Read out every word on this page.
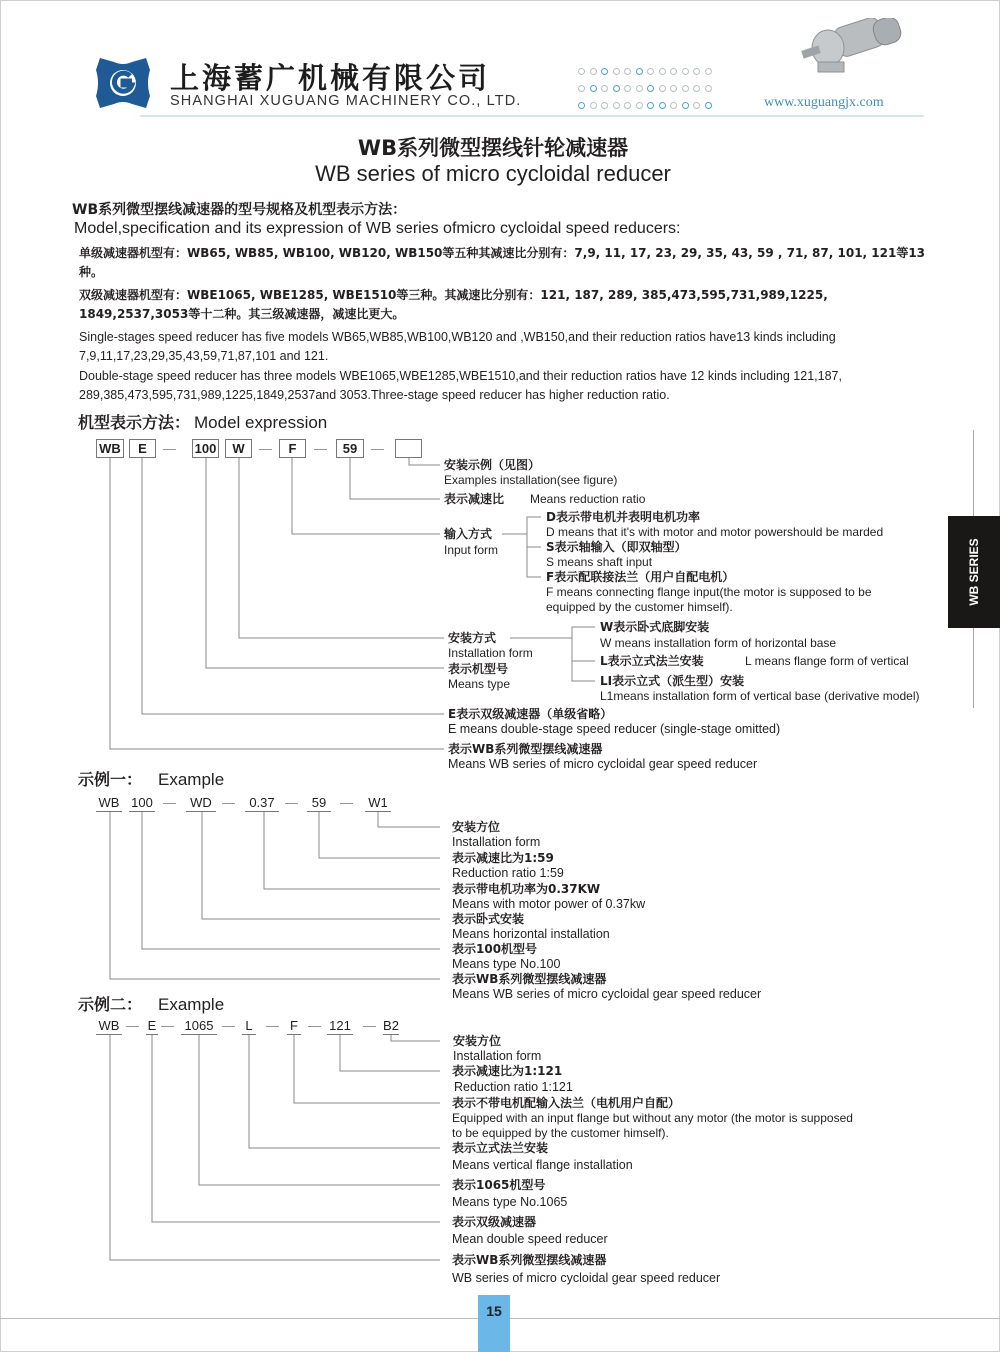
上海蓄广机械有限公司
SHANGHAI XUGUANG MACHINERY CO., LTD.	www.xuguangjx.com
WB系列微型摆线针轮减速器
WB series of micro cycloidal reducer
WB系列微型摆线减速器的型号规格及机型表示方法：
Model,specification and its expression of WB series ofmicro cycloidal speed reducers:
单级减速器机型有：WB65, WB85, WB100, WB120, WB150等五种其减速比分别有：7,9, 11, 17, 23, 29, 35, 43, 59 , 71, 87, 101, 121等13种。
双级减速器机型有：WBE1065, WBE1285, WBE1510等三种。其减速比分别有：121, 187, 289, 385,473,595,731,989,1225, 1849,2537,3053等十二种。其三级减速器，减速比更大。
Single-stages speed reducer has five models WB65,WB85,WB100,WB120 and ,WB150,and their reduction ratios have13 kinds including 7,9,11,17,23,29,35,43,59,71,87,101 and 121.
Double-stage speed reducer has three models WBE1065,WBE1285,WBE1510,and their reduction ratios have 12 kinds including 121,187, 289,385,473,595,731,989,1225,1849,2537and 3053.Three-stage speed reducer has higher reduction ratio.
机型表示方法： Model expression
WB	E	— 100	W	—	F	—	59	—
安装示例（见图）
Examples installation(see figure)
表示减速比 Means reduction ratio
输入方式
Input form
D表示带电机并表明电机功率
D means that it's with motor and motor powershould be marded
S表示轴输入（即双轴型）
S means shaft input
F表示配联接法兰（用户自配电机）
F means connecting flange input(the motor is supposed to be
equipped by the customer himself).
安装方式
Installation form
表示机型号
Means type
W表示卧式底脚安装
W means installation form of horizontal base
L表示立式法兰安装	L means flange form of vertical
LI表示立式（派生型）安装
L1means installation form of vertical base (derivative model)
E表示双级减速器（单级省略）
E means double-stage speed reducer (single-stage omitted)
表示WB系列微型摆线减速器
Means WB series of micro cycloidal gear speed reducer
示例一： Example
WB 100 —	WD —	0.37 —	59	— W1
安装方位
Installation form
表示减速比为1:59
Reduction ratio 1:59
表示带电机功率为0.37KW
Means with motor power of 0.37kw
表示卧式安装
Means horizontal installation
表示100机型号
Means type No.100
表示WB系列微型摆线减速器
Means WB series of micro cycloidal gear speed reducer
示例二： Example
WB — E — 1065 — L — F — 121 — B2
安装方位
Installation form
表示减速比为1:121
Reduction ratio 1:121
表示不带电机配输入法兰（电机用户自配）
Equipped with an input flange but without any motor (the motor is supposed
to be equipped by the customer himself).
表示立式法兰安装
Means vertical flange installation
表示1065机型号
Means type No.1065
表示双级减速器
Mean double speed reducer
表示WB系列微型摆线减速器
WB series of micro cycloidal gear speed reducer
WB SERIES
15
